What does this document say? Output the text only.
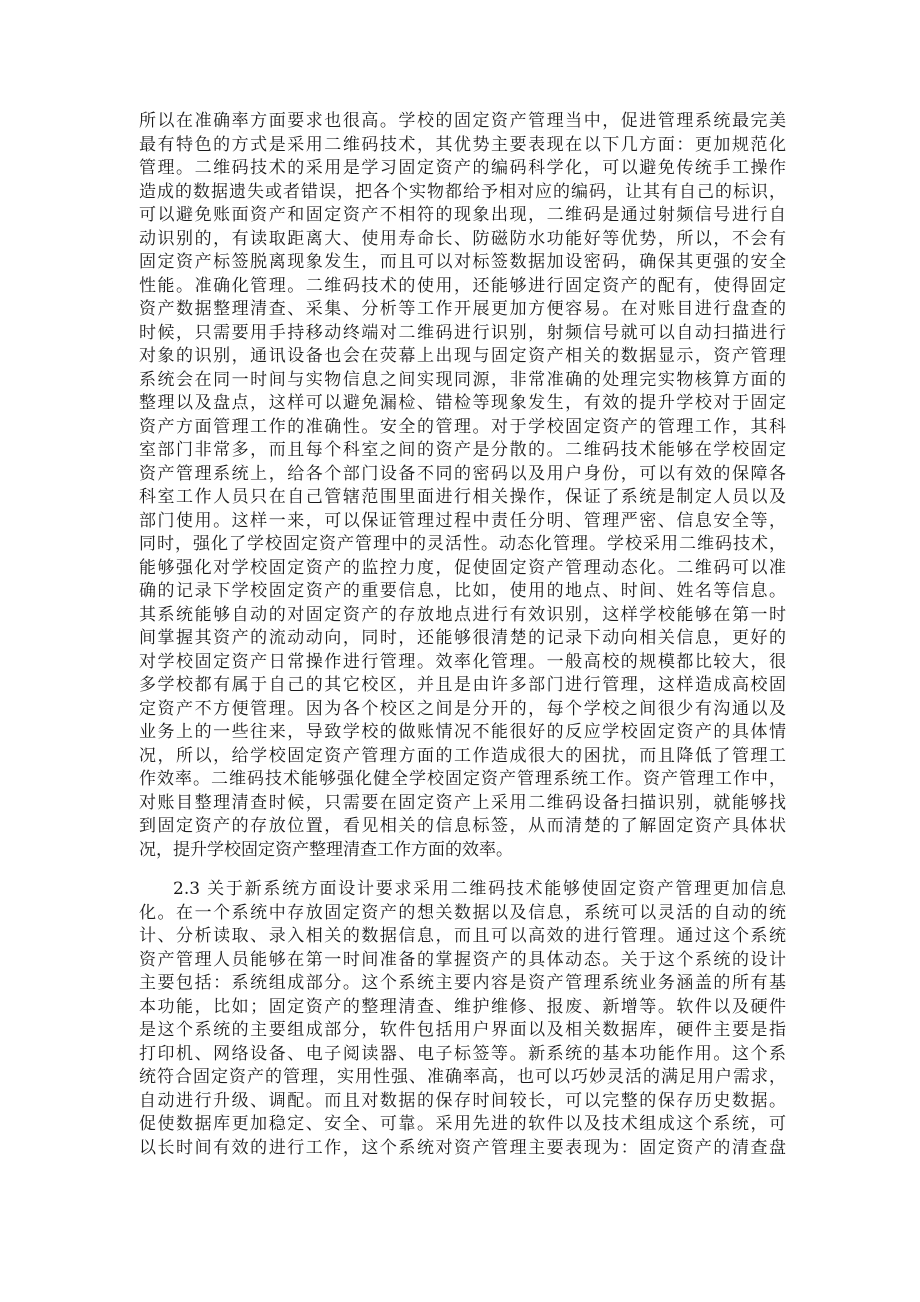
所以在准确率方面要求也很高。学校的固定资产管理当中，促进管理系统最完美
最有特色的方式是采用二维码技术，其优势主要表现在以下几方面：更加规范化
管理。二维码技术的采用是学习固定资产的编码科学化，可以避免传统手工操作
造成的数据遗失或者错误，把各个实物都给予相对应的编码，让其有自己的标识，
可以避免账面资产和固定资产不相符的现象出现，二维码是通过射频信号进行自
动识别的，有读取距离大、使用寿命长、防磁防水功能好等优势，所以，不会有
固定资产标签脱离现象发生，而且可以对标签数据加设密码，确保其更强的安全
性能。准确化管理。二维码技术的使用，还能够进行固定资产的配有，使得固定
资产数据整理清查、采集、分析等工作开展更加方便容易。在对账目进行盘查的
时候，只需要用手持移动终端对二维码进行识别，射频信号就可以自动扫描进行
对象的识别，通讯设备也会在荧幕上出现与固定资产相关的数据显示，资产管理
系统会在同一时间与实物信息之间实现同源，非常准确的处理完实物核算方面的
整理以及盘点，这样可以避免漏检、错检等现象发生，有效的提升学校对于固定
资产方面管理工作的准确性。安全的管理。对于学校固定资产的管理工作，其科
室部门非常多，而且每个科室之间的资产是分散的。二维码技术能够在学校固定
资产管理系统上，给各个部门设备不同的密码以及用户身份，可以有效的保障各
科室工作人员只在自己管辖范围里面进行相关操作，保证了系统是制定人员以及
部门使用。这样一来，可以保证管理过程中责任分明、管理严密、信息安全等，
同时，强化了学校固定资产管理中的灵活性。动态化管理。学校采用二维码技术，
能够强化对学校固定资产的监控力度，促使固定资产管理动态化。二维码可以准
确的记录下学校固定资产的重要信息，比如，使用的地点、时间、姓名等信息。
其系统能够自动的对固定资产的存放地点进行有效识别，这样学校能够在第一时
间掌握其资产的流动动向，同时，还能够很清楚的记录下动向相关信息，更好的
对学校固定资产日常操作进行管理。效率化管理。一般高校的规模都比较大，很
多学校都有属于自己的其它校区，并且是由许多部门进行管理，这样造成高校固
定资产不方便管理。因为各个校区之间是分开的，每个学校之间很少有沟通以及
业务上的一些往来，导致学校的做账情况不能很好的反应学校固定资产的具体情
况，所以，给学校固定资产管理方面的工作造成很大的困扰，而且降低了管理工
作效率。二维码技术能够强化健全学校固定资产管理系统工作。资产管理工作中，
对账目整理清查时候，只需要在固定资产上采用二维码设备扫描识别，就能够找
到固定资产的存放位置，看见相关的信息标签，从而清楚的了解固定资产具体状
况，提升学校固定资产整理清查工作方面的效率。
2.3 关于新系统方面设计要求采用二维码技术能够使固定资产管理更加信息
化。在一个系统中存放固定资产的想关数据以及信息，系统可以灵活的自动的统
计、分析读取、录入相关的数据信息，而且可以高效的进行管理。通过这个系统
资产管理人员能够在第一时间准备的掌握资产的具体动态。关于这个系统的设计
主要包括：系统组成部分。这个系统主要内容是资产管理系统业务涵盖的所有基
本功能，比如；固定资产的整理清查、维护维修、报废、新增等。软件以及硬件
是这个系统的主要组成部分，软件包括用户界面以及相关数据库，硬件主要是指
打印机、网络设备、电子阅读器、电子标签等。新系统的基本功能作用。这个系
统符合固定资产的管理，实用性强、准确率高，也可以巧妙灵活的满足用户需求，
自动进行升级、调配。而且对数据的保存时间较长，可以完整的保存历史数据。
促使数据库更加稳定、安全、可靠。采用先进的软件以及技术组成这个系统，可
以长时间有效的进行工作，这个系统对资产管理主要表现为：固定资产的清查盘
